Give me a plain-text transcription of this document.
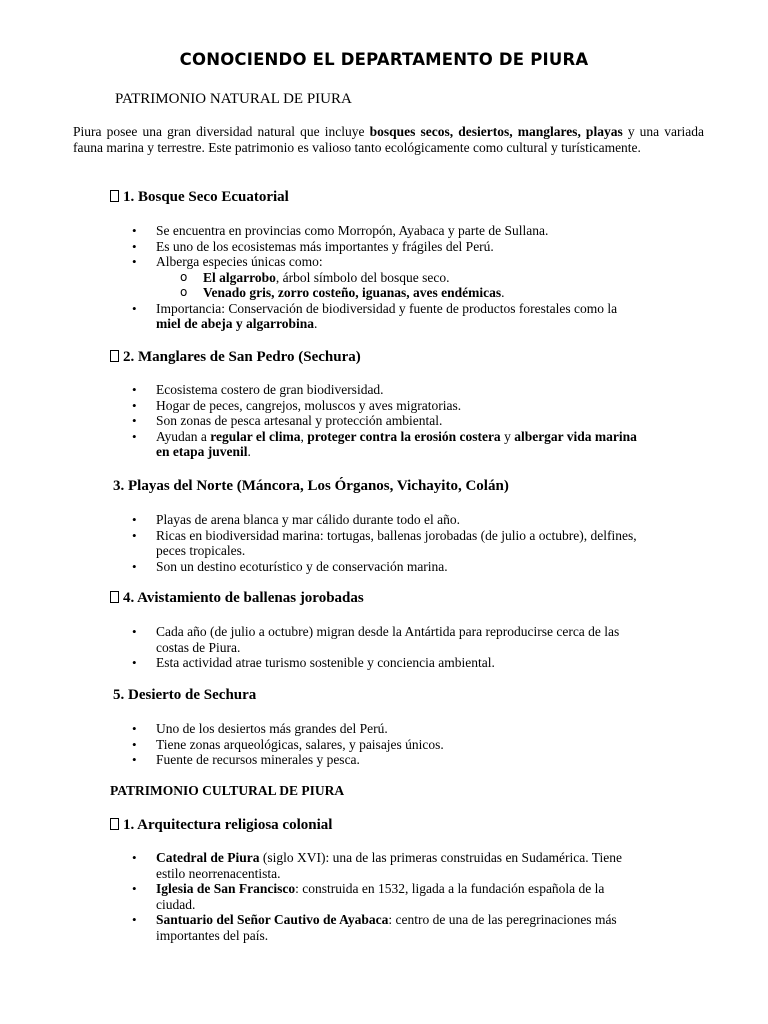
CONOCIENDO EL DEPARTAMENTO DE PIURA
PATRIMONIO NATURAL DE PIURA
Piura posee una gran diversidad natural que incluye bosques secos, desiertos, manglares, playas y una variada fauna marina y terrestre. Este patrimonio es valioso tanto ecológicamente como cultural y turísticamente.
1. Bosque Seco Ecuatorial
• Se encuentra en provincias como Morropón, Ayabaca y parte de Sullana.
• Es uno de los ecosistemas más importantes y frágiles del Perú.
• Alberga especies únicas como:
o El algarrobo, árbol símbolo del bosque seco.
o Venado gris, zorro costeño, iguanas, aves endémicas.
• Importancia: Conservación de biodiversidad y fuente de productos forestales como la miel de abeja y algarrobina.
2. Manglares de San Pedro (Sechura)
• Ecosistema costero de gran biodiversidad.
• Hogar de peces, cangrejos, moluscos y aves migratorias.
• Son zonas de pesca artesanal y protección ambiental.
• Ayudan a regular el clima, proteger contra la erosión costera y albergar vida marina en etapa juvenil.
3. Playas del Norte (Máncora, Los Órganos, Vichayito, Colán)
• Playas de arena blanca y mar cálido durante todo el año.
• Ricas en biodiversidad marina: tortugas, ballenas jorobadas (de julio a octubre), delfines, peces tropicales.
• Son un destino ecoturístico y de conservación marina.
4. Avistamiento de ballenas jorobadas
• Cada año (de julio a octubre) migran desde la Antártida para reproducirse cerca de las costas de Piura.
• Esta actividad atrae turismo sostenible y conciencia ambiental.
5. Desierto de Sechura
• Uno de los desiertos más grandes del Perú.
• Tiene zonas arqueológicas, salares, y paisajes únicos.
• Fuente de recursos minerales y pesca.
PATRIMONIO CULTURAL DE PIURA
1. Arquitectura religiosa colonial
• Catedral de Piura (siglo XVI): una de las primeras construidas en Sudamérica. Tiene estilo neorrenacentista.
• Iglesia de San Francisco: construida en 1532, ligada a la fundación española de la ciudad.
• Santuario del Señor Cautivo de Ayabaca: centro de una de las peregrinaciones más importantes del país.
